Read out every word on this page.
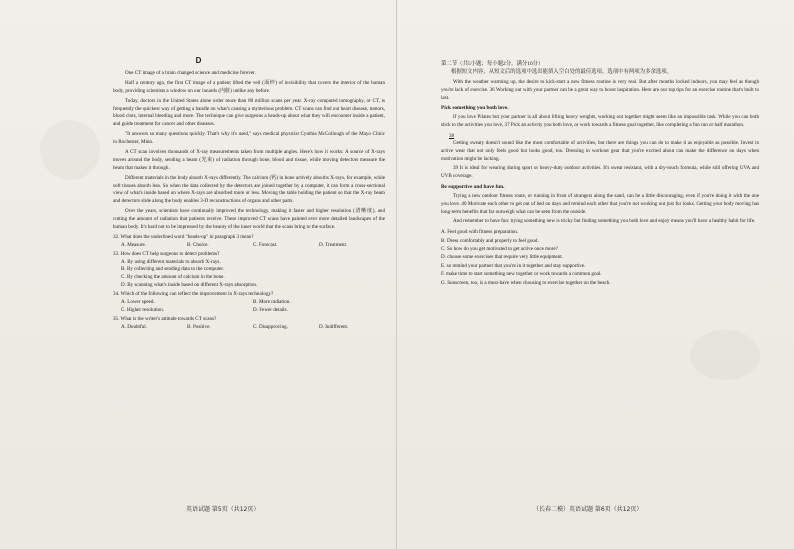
D

One CT image of a brain changed science and medicine forever.

Half a century ago, the first CT image of a patient lifted the veil (面纱) of invisibility that covers the interior of the human body, providing scientists a window on our innards (内脏) unlike any before.

Today, doctors in the United States alone order more than 80 million scans per year. X-ray computed tomography, or CT, is frequently the quickest way of getting a handle on what's causing a mysterious problem. CT scans can find out heart disease, tumors, blood clots, internal bleeding and more. The technique can give surgeons a heads-up about what they will encounter inside a patient, and guide treatment for cancer and other diseases.

"It answers so many questions quickly. That's why it's used," says medical physicist Cynthia McCollough of the Mayo Clinic in Rochester, Minn.

A CT scan involves thousands of X-ray measurements taken from multiple angles. Here's how it works: A source of X-rays moves around the body, sending a beam (光束) of radiation through bone, blood and tissue, while moving detectors measure the beam that makes it through.

Different materials in the body absorb X-rays differently. The calcium (钙) in bone actively absorbs X-rays, for example, while soft tissues absorb less. So when the data collected by the detectors are joined together by a computer, it can form a cross-sectional view of what's inside based on where X-rays are absorbed more or less. Moving the table holding the patient so that the X-ray beam and detectors slide along the body enables 3-D reconstructions of organs and other parts.

Over the years, scientists have continually improved the technology, making it faster and higher resolution (清晰度), and cutting the amount of radiation that patients receive. These improved CT scans have painted ever more detailed landscapes of the human body. It's hard not to be impressed by the beauty of the inner world that the scans bring to the surface.

32. What does the underlined word "heads-up" in paragraph 3 mean?
A. Measure.	B. Choice.	C. Forecast.	D. Treatment.
33. How does CT help surgeons to detect problems?
A. By using different materials to absorb X-rays.
B. By collecting and sending data to the computer.
C. By checking the amount of calcium in the bone.
D. By scanning what's inside based on different X-rays absorption.
34. Which of the following can reflect the improvement in X-rays technology?
A. Lower speed.	B. More radiation.
C. Higher resolution.	D. Fewer details.
35. What is the writer's attitude towards CT scans?
A. Doubtful.	B. Positive.	C. Disapproving.	D. Indifferent.
英语试题 第5页（共12页）
第二节（共5小题；每小题2分，满分10分）
根据短文内容，从短文后的选项中选出能填入空白处的最佳选项。选项中有两项为多余选项。

With the weather warming up, the desire to kick-start a new fitness routine is very real. But after months locked indoors, you may feel as though you're lack of exercise. 36 Working out with your partner can be a great way to boost inspiration. Here are our top tips for an exercise routine that's built to last.

Pick something you both love.

If you love Pilates but your partner is all about lifting heavy weights, working out together might seem like an impossible task. While you can both stick to the activities you love, 37 Pick an activity you both love, or work towards a fitness goal together, like completing a fun run or half marathon.

38

Getting sweaty doesn't sound like the most comfortable of activities, but there are things you can do to make it as enjoyable as possible. Invest in active wear that not only feels good but looks good, too. Dressing in workout gear that you're excited about can make the difference on days when motivation might be lacking.

39 It is ideal for wearing during sport or heavy-duty outdoor activities. It's sweat resistant, with a dry-touch formula, while still offering UVA and UVB coverage.

Be supportive and have fun.

Trying a new outdoor fitness route, or running in front of strangers along the sand, can be a little discouraging, even if you're doing it with the one you love. 40 Motivate each other to get out of bed on days and remind each other that you're not working out just for looks. Getting your body moving has long-term benefits that far outweigh what can be seen from the outside.

And remember to have fun: trying something new is tricky but finding something you both love and enjoy means you'll have a healthy habit for life.

A. Feel good with fitness preparation.
B. Dress comfortably and properly to feel good.
C. So how do you get motivated to get active once more?
D. choose some exercises that require very little equipment.
E. so remind your partner that you're in it together and stay supportive.
F. make time to start something new together or work towards a common goal.
G. Sunscreen, too, is a must-have when choosing to exercise together on the beach.
（长春二模）英语试题 第6页（共12页）
